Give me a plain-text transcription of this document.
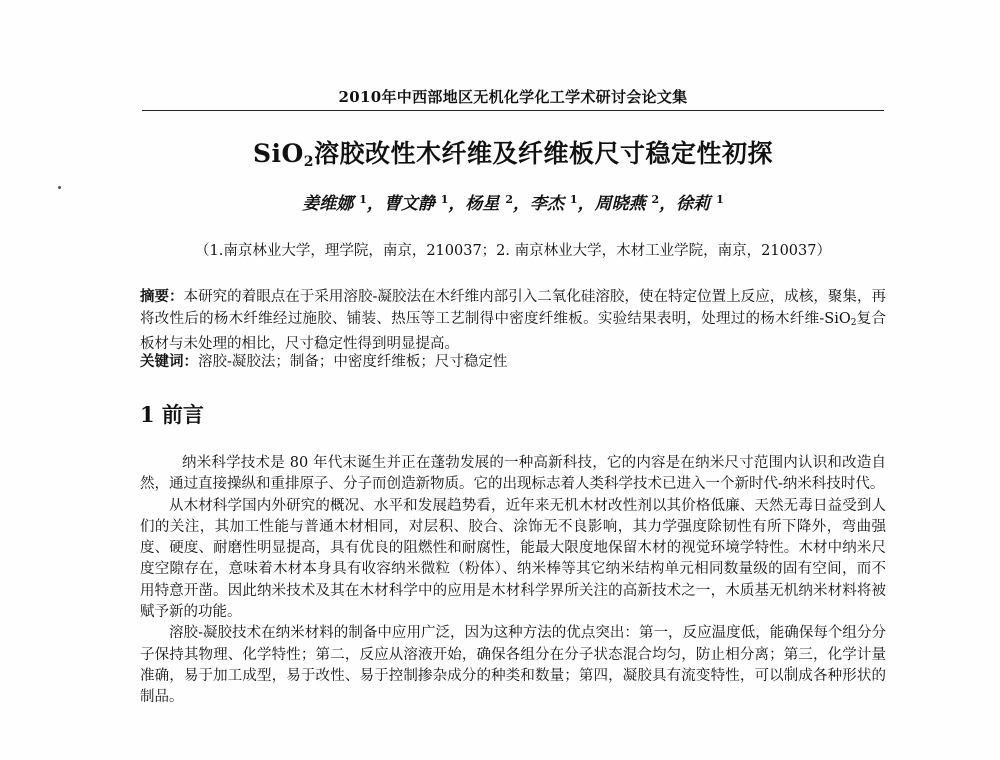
2010年中西部地区无机化学化工学术研讨会论文集
SiO$_2$溶胶改性木纤维及纤维板尺寸稳定性初探
姜维娜 $^1$，曹文静 $^1$，杨星 $^2$，李杰 $^1$，周晓燕 $^2$，徐莉 $^1$
（1.南京林业大学，理学院，南京，210037；2. 南京林业大学，木材工业学院，南京，210037）
摘要：本研究的着眼点在于采用溶胶-凝胶法在木纤维内部引入二氧化硅溶胶，使在特定位置上反应，成核，聚集，再将改性后的杨木纤维经过施胶、铺装、热压等工艺制得中密度纤维板。实验结果表明，处理过的杨木纤维-SiO$_2$复合板材与未处理的相比，尺寸稳定性得到明显提高。
关键词：溶胶-凝胶法；制备；中密度纤维板；尺寸稳定性
1 前言

纳米科学技术是 80 年代末诞生并正在蓬勃发展的一种高新科技，它的内容是在纳米尺寸范围内认识和改造自然，通过直接操纵和重排原子、分子而创造新物质。它的出现标志着人类科学技术已进入一个新时代-纳米科技时代。

从木材科学国内外研究的概况、水平和发展趋势看，近年来无机木材改性剂以其价格低廉、天然无毒日益受到人们的关注，其加工性能与普通木材相同，对层积、胶合、涂饰无不良影响，其力学强度除韧性有所下降外，弯曲强度、硬度、耐磨性明显提高，具有优良的阻燃性和耐腐性，能最大限度地保留木材的视觉环境学特性。木材中纳米尺度空隙存在，意味着木材本身具有收容纳米微粒（粉体）、纳米棒等其它纳米结构单元相同数量级的固有空间，而不用特意开凿。因此纳米技术及其在木材科学中的应用是木材科学界所关注的高新技术之一，木质基无机纳米材料将被赋予新的功能。

溶胶-凝胶技术在纳米材料的制备中应用广泛，因为这种方法的优点突出：第一，反应温度低，能确保每个组分分子保持其物理、化学特性；第二，反应从溶液开始，确保各组分在分子状态混合均匀，防止相分离；第三，化学计量准确，易于加工成型，易于改性、易于控制掺杂成分的种类和数量；第四，凝胶具有流变特性，可以制成各种形状的制品。
